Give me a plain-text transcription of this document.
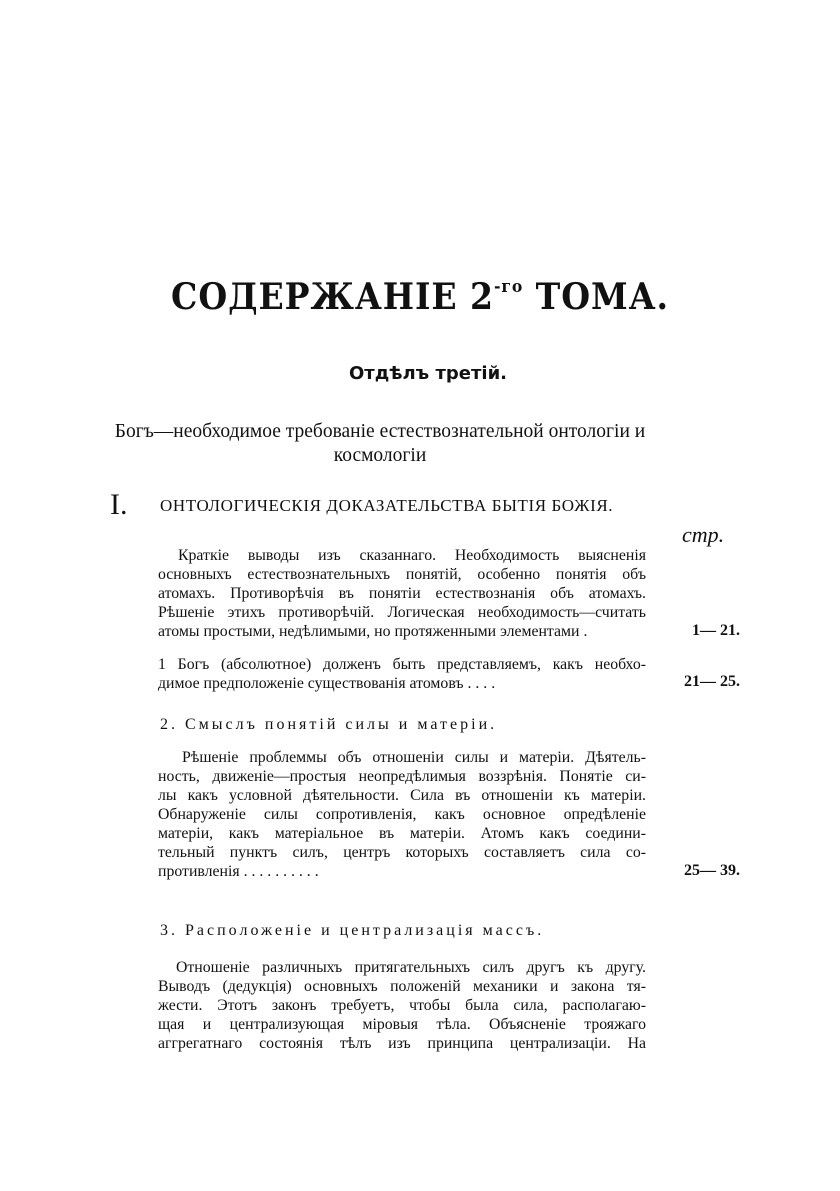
СОДЕРЖАНІЕ $2^{-го}$ ТОМА.
Отдѣлъ третій.
Богъ—необходимое требованіе естествознательной онтологіи и космологіи
I. ОНТОЛОГИЧЕСКІЯ ДОКАЗАТЕЛЬСТВА БЫТІЯ БОЖІЯ.
стр.
Краткіе выводы изъ сказаннаго. Необходимость выясненія
основныхъ естествознательныхъ понятій, особенно понятія объ
атомахъ. Противорѣчія въ понятіи естествознанія объ атомахъ.
Рѣшеніе этихъ противорѣчій. Логическая необходимость—считать
атомы простыми, недѣлимыми, но протяженными элементами .	1— 21.
1 Богъ (абсолютное) долженъ быть представляемъ, какъ необхо-
димое предположеніе существованія атомовъ . . . .	21— 25.
2. Смыслъ понятій силы и матеріи.
Рѣшеніе проблеммы объ отношеніи силы и матеріи. Дѣятель-
ность, движеніе—простыя неопредѣлимыя воззрѣнія. Понятіе си-
лы какъ условной дѣятельности. Сила въ отношеніи къ матеріи.
Обнаруженіе силы сопротивленія, какъ основное опредѣленіе
матеріи, какъ матеріальное въ матеріи. Атомъ какъ соедини-
тельный пунктъ силъ, центръ которыхъ составляетъ сила со-
противленія . . . . . . . . . .	25— 39.
3. Расположеніе и централизація массъ.
Отношеніе различныхъ притягательныхъ силъ другъ къ другу.
Выводъ (дедукція) основныхъ положеній механики и закона тя-
жести. Этотъ законъ требуетъ, чтобы была сила, располагаю-
щая и централизующая міровыя тѣла. Объясненіе трояжаго
аггрегатнаго состоянія тѣлъ изъ принципа централизаціи. На
